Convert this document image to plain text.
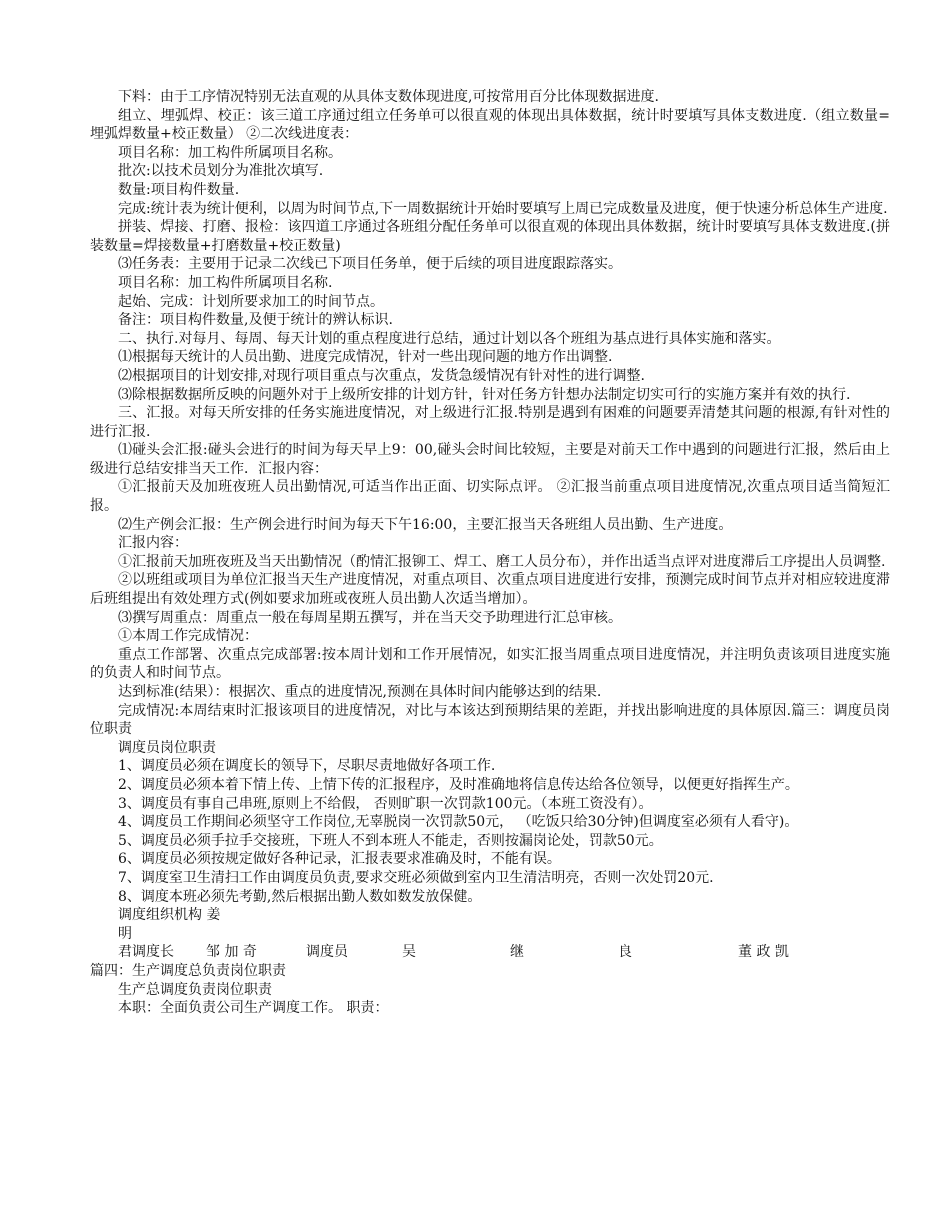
下料：由于工序情况特别无法直观的从具体支数体现进度,可按常用百分比体现数据进度.

组立、埋弧焊、校正：该三道工序通过组立任务单可以很直观的体现出具体数据，统计时要填写具体支数进度.（组立数量=埋弧焊数量+校正数量） ②二次线进度表：

项目名称：加工构件所属项目名称。

批次:以技术员划分为准批次填写.

数量:项目构件数量.

完成:统计表为统计便利，以周为时间节点,下一周数据统计开始时要填写上周已完成数量及进度，便于快速分析总体生产进度.

拼装、焊接、打磨、报检：该四道工序通过各班组分配任务单可以很直观的体现出具体数据，统计时要填写具体支数进度.(拼装数量=焊接数量+打磨数量+校正数量)

⑶任务表：主要用于记录二次线已下项目任务单，便于后续的项目进度跟踪落实。

项目名称：加工构件所属项目名称.

起始、完成：计划所要求加工的时间节点。

备注：项目构件数量,及便于统计的辨认标识.

二、执行.对每月、每周、每天计划的重点程度进行总结，通过计划以各个班组为基点进行具体实施和落实。

⑴根据每天统计的人员出勤、进度完成情况，针对一些出现问题的地方作出调整.

⑵根据项目的计划安排,对现行项目重点与次重点，发货急缓情况有针对性的进行调整.

⑶除根据数据所反映的问题外对于上级所安排的计划方针，针对任务方针想办法制定切实可行的实施方案并有效的执行.

三、汇报。对每天所安排的任务实施进度情况，对上级进行汇报.特别是遇到有困难的问题要弄清楚其问题的根源,有针对性的进行汇报.

⑴碰头会汇报:碰头会进行的时间为每天早上9：00,碰头会时间比较短，主要是对前天工作中遇到的问题进行汇报，然后由上级进行总结安排当天工作．汇报内容：

①汇报前天及加班夜班人员出勤情况,可适当作出正面、切实际点评。 ②汇报当前重点项目进度情况,次重点项目适当简短汇报。

⑵生产例会汇报：生产例会进行时间为每天下午16:00，主要汇报当天各班组人员出勤、生产进度。

汇报内容：

①汇报前天加班夜班及当天出勤情况（酌情汇报铆工、焊工、磨工人员分布），并作出适当点评对进度滞后工序提出人员调整.

②以班组或项目为单位汇报当天生产进度情况，对重点项目、次重点项目进度进行安排，预测完成时间节点并对相应较进度滞后班组提出有效处理方式(例如要求加班或夜班人员出勤人次适当增加）。

⑶撰写周重点：周重点一般在每周星期五撰写，并在当天交予助理进行汇总审核。

①本周工作完成情况：

重点工作部署、次重点完成部署:按本周计划和工作开展情况，如实汇报当周重点项目进度情况，并注明负责该项目进度实施的负责人和时间节点。

达到标准(结果）：根据次、重点的进度情况,预测在具体时间内能够达到的结果.

完成情况:本周结束时汇报该项目的进度情况，对比与本该达到预期结果的差距，并找出影响进度的具体原因.篇三：调度员岗位职责

调度员岗位职责

1、调度员必须在调度长的领导下，尽职尽责地做好各项工作.

2、调度员必须本着下情上传、上情下传的汇报程序，及时准确地将信息传达给各位领导，以便更好指挥生产。

3、调度员有事自己串班,原则上不给假， 否则旷职一次罚款100元。（本班工资没有）。

4、调度员工作期间必须坚守工作岗位,无辜脱岗一次罚款50元， （吃饭只给30分钟)但调度室必须有人看守)。

5、调度员必须手拉手交接班，下班人不到本班人不能走，否则按漏岗论处，罚款50元。

6、调度员必须按规定做好各种记录，汇报表要求准确及时，不能有误。

7、调度室卫生清扫工作由调度员负责,要求交班必须做到室内卫生清洁明亮，否则一次处罚20元.

8、调度本班必须先考勤,然后根据出勤人数如数发放保健。

调度组织机构 姜

明

君调度长	邹 加 奇	调度员	吴	继	良	董 政 凯

篇四：生产调度总负责岗位职责

生产总调度负责岗位职责

本职：全面负责公司生产调度工作。 职责：
